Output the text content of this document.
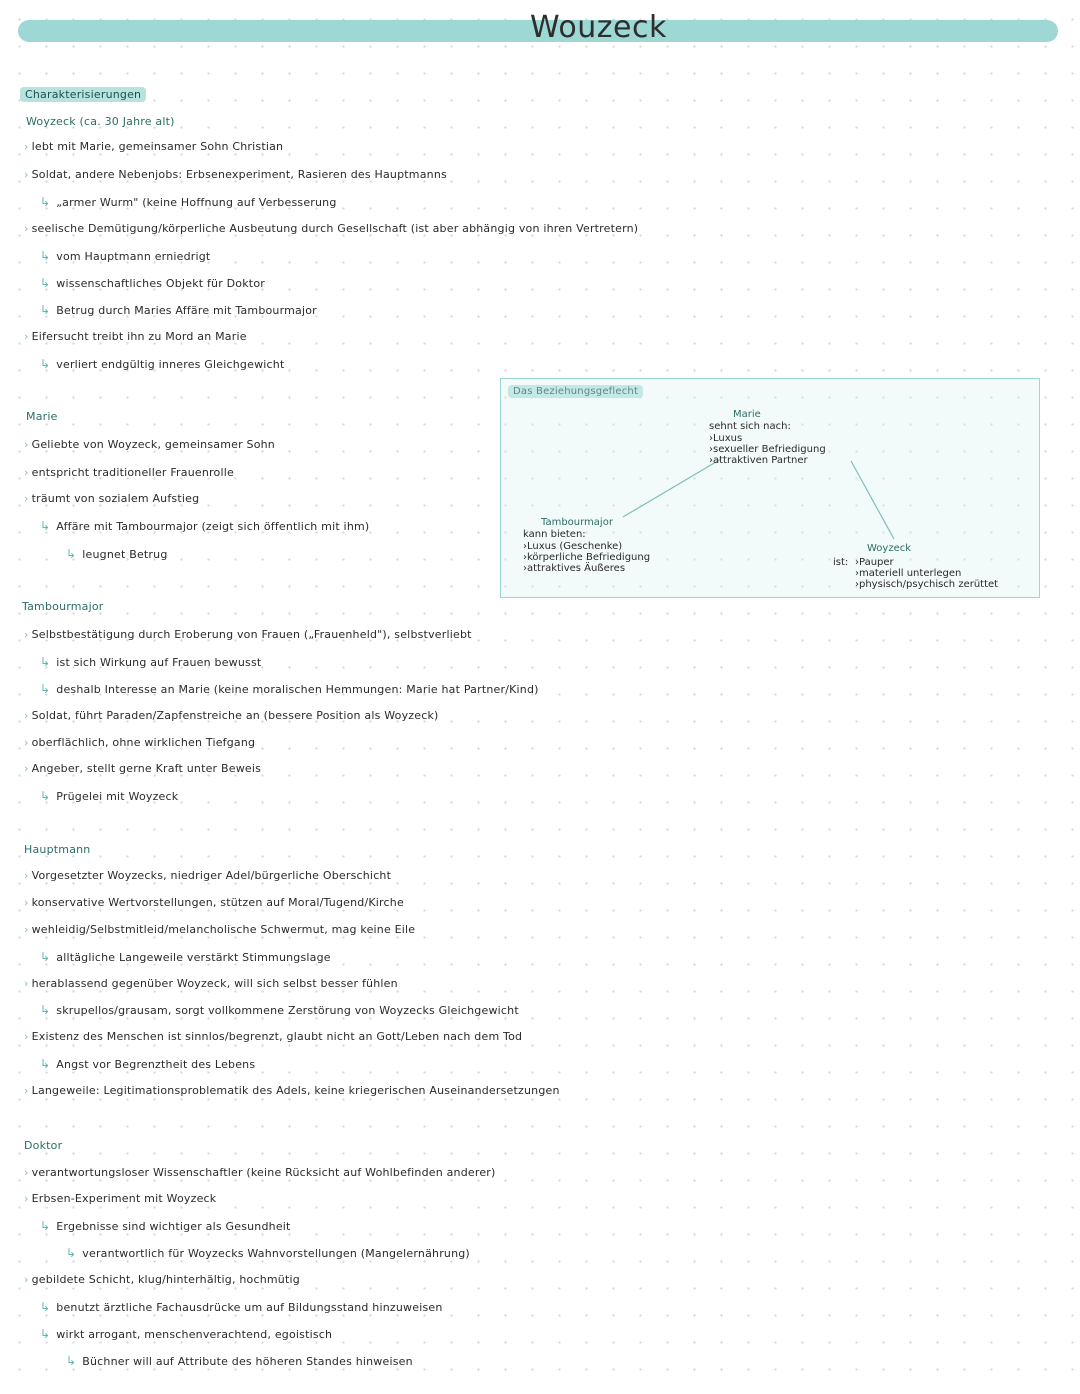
Wouzeck
Charakterisierungen
Woyzeck (ca. 30 Jahre alt)
› lebt mit Marie, gemeinsamer Sohn Christian
› Soldat, andere Nebenjobs: Erbsenexperiment, Rasieren des Hauptmanns
↳ „armer Wurm" (keine Hoffnung auf Verbesserung
› seelische Demütigung/körperliche Ausbeutung durch Gesellschaft (ist aber abhängig von ihren Vertretern)
↳ vom Hauptmann erniedrigt
↳ wissenschaftliches Objekt für Doktor
↳ Betrug durch Maries Affäre mit Tambourmajor
› Eifersucht treibt ihn zu Mord an Marie
↳ verliert endgültig inneres Gleichgewicht
Marie
› Geliebte von Woyzeck, gemeinsamer Sohn
› entspricht traditioneller Frauenrolle
› träumt von sozialem Aufstieg
↳ Affäre mit Tambourmajor (zeigt sich öffentlich mit ihm)
↳ leugnet Betrug
Das Beziehungsgeflecht
Marie
sehnt sich nach:
›Luxus
›sexueller Befriedigung
›attraktiven Partner
Tambourmajor
kann bieten:
›Luxus (Geschenke)
›körperliche Befriedigung
›attraktives Äußeres
Woyzeck
ist: ›Pauper
›materiell unterlegen
›physisch/psychisch zerüttet
Tambourmajor
› Selbstbestätigung durch Eroberung von Frauen („Frauenheld"), selbstverliebt
↳ ist sich Wirkung auf Frauen bewusst
↳ deshalb Interesse an Marie (keine moralischen Hemmungen: Marie hat Partner/Kind)
› Soldat, führt Paraden/Zapfenstreiche an (bessere Position als Woyzeck)
› oberflächlich, ohne wirklichen Tiefgang
› Angeber, stellt gerne Kraft unter Beweis
↳ Prügelei mit Woyzeck
Hauptmann
› Vorgesetzter Woyzecks, niedriger Adel/bürgerliche Oberschicht
› konservative Wertvorstellungen, stützen auf Moral/Tugend/Kirche
› wehleidig/Selbstmitleid/melancholische Schwermut, mag keine Eile
↳ alltägliche Langeweile verstärkt Stimmungslage
› herablassend gegenüber Woyzeck, will sich selbst besser fühlen
↳ skrupellos/grausam, sorgt vollkommene Zerstörung von Woyzecks Gleichgewicht
› Existenz des Menschen ist sinnlos/begrenzt, glaubt nicht an Gott/Leben nach dem Tod
↳ Angst vor Begrenztheit des Lebens
› Langeweile: Legitimationsproblematik des Adels, keine kriegerischen Auseinandersetzungen
Doktor
› verantwortungsloser Wissenschaftler (keine Rücksicht auf Wohlbefinden anderer)
› Erbsen-Experiment mit Woyzeck
↳ Ergebnisse sind wichtiger als Gesundheit
↳ verantwortlich für Woyzecks Wahnvorstellungen (Mangelernährung)
› gebildete Schicht, klug/hinterhältig, hochmütig
↳ benutzt ärztliche Fachausdrücke um auf Bildungsstand hinzuweisen
↳ wirkt arrogant, menschenverachtend, egoistisch
↳ Büchner will auf Attribute des höheren Standes hinweisen
